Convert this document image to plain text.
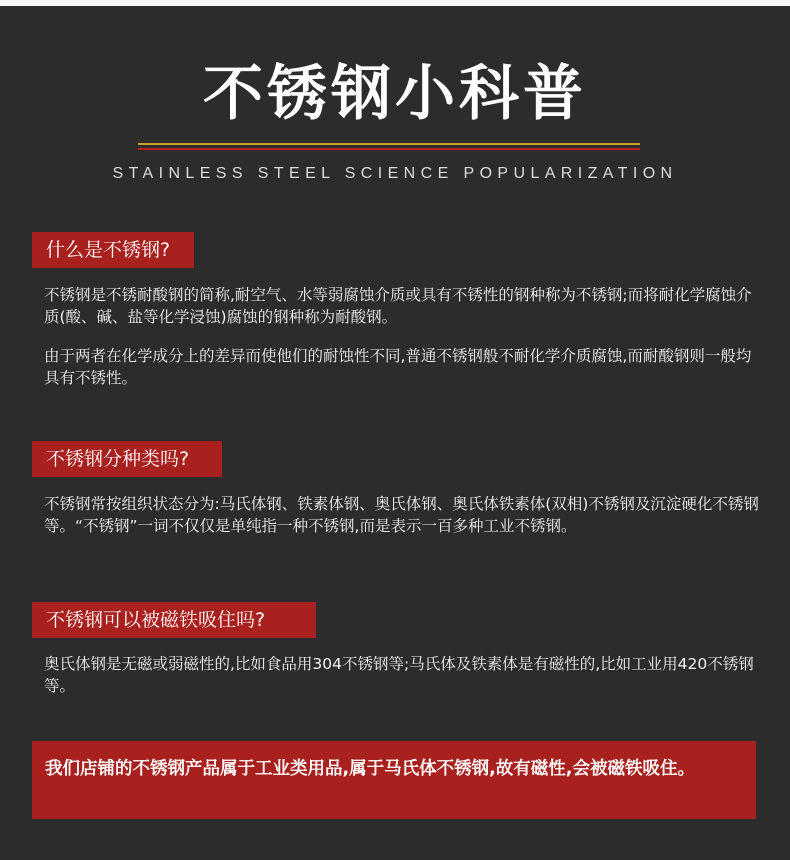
不锈钢小科普
STAINLESS STEEL SCIENCE POPULARIZATION
什么是不锈钢?

不锈钢是不锈耐酸钢的简称,耐空气、水等弱腐蚀介质或具有不锈性的钢种称为不锈钢;而将耐化学腐蚀介质(酸、碱、盐等化学浸蚀)腐蚀的钢种称为耐酸钢。

由于两者在化学成分上的差异而使他们的耐蚀性不同,普通不锈钢般不耐化学介质腐蚀,而耐酸钢则一般均具有不锈性。

不锈钢分种类吗?

不锈钢常按组织状态分为:马氏体钢、铁素体钢、奥氏体钢、奥氏体铁素体(双相)不锈钢及沉淀硬化不锈钢等。“不锈钢”一词不仅仅是单纯指一种不锈钢,而是表示一百多种工业不锈钢。

不锈钢可以被磁铁吸住吗?

奥氏体钢是无磁或弱磁性的,比如食品用304不锈钢等;马氏体及铁素体是有磁性的,比如工业用420不锈钢等。

我们店铺的不锈钢产品属于工业类用品,属于马氏体不锈钢,故有磁性,会被磁铁吸住。
